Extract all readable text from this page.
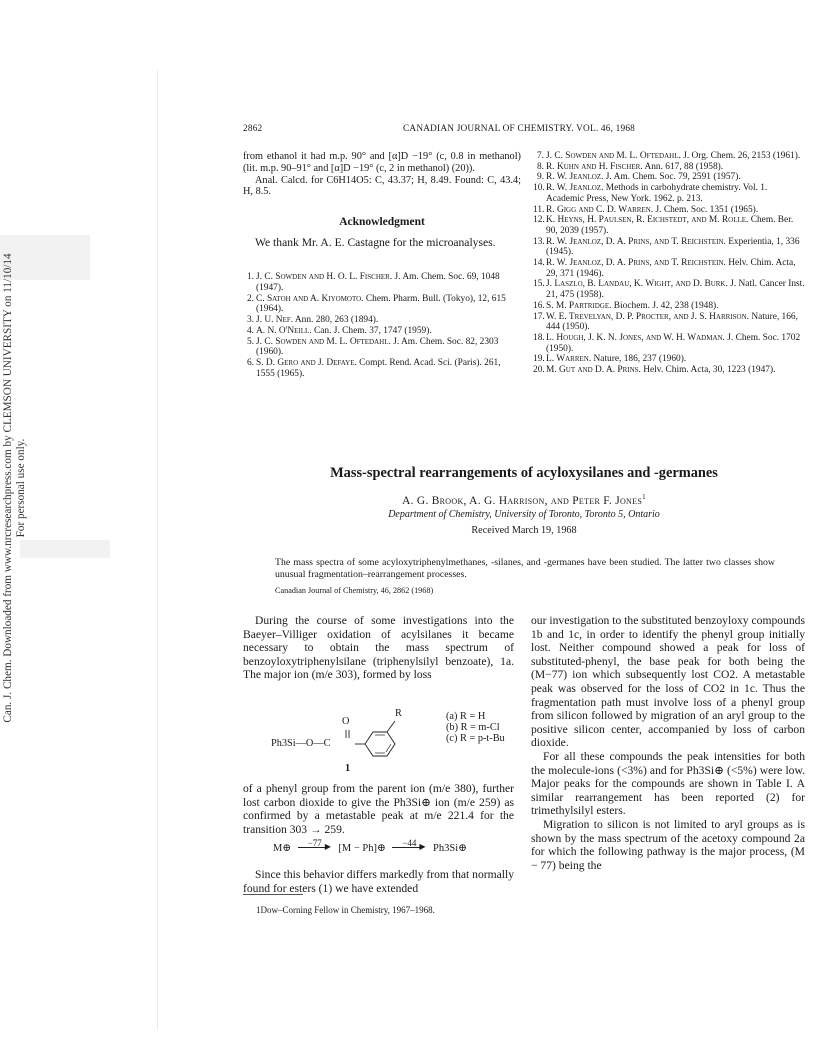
Can. J. Chem. Downloaded from www.nrcresearchpress.com by CLEMSON UNIVERSITY on 11/10/14 For personal use only.
2862	CANADIAN JOURNAL OF CHEMISTRY. VOL. 46, 1968

from ethanol it had m.p. 90° and [α]D −19° (c, 0.8 in methanol) (lit. m.p. 90–91° and [α]D −19° (c, 2 in methanol) (20)).

Anal. Calcd. for C6H14O5: C, 43.37; H, 8.49. Found: C, 43.4; H, 8.5.

Acknowledgment

We thank Mr. A. E. Castagne for the microanalyses.

1. J. C. Sowden and H. O. L. Fischer. J. Am. Chem. Soc. 69, 1048 (1947).

2. C. Satoh and A. Kiyomoto. Chem. Pharm. Bull. (Tokyo), 12, 615 (1964).

3. J. U. Nef. Ann. 280, 263 (1894).

4. A. N. O'Neill. Can. J. Chem. 37, 1747 (1959).

5. J. C. Sowden and M. L. Oftedahl. J. Am. Chem. Soc. 82, 2303 (1960).

6. S. D. Gero and J. Defaye. Compt. Rend. Acad. Sci. (Paris). 261, 1555 (1965).

7. J. C. Sowden and M. L. Oftedahl. J. Org. Chem. 26, 2153 (1961).

8. R. Kuhn and H. Fischer. Ann. 617, 88 (1958).

9. R. W. Jeanloz. J. Am. Chem. Soc. 79, 2591 (1957).

10. R. W. Jeanloz. Methods in carbohydrate chemistry. Vol. 1. Academic Press, New York. 1962. p. 213.

11. R. Gigg and C. D. Warren. J. Chem. Soc. 1351 (1965).

12. K. Heyns, H. Paulsen, R. Eichstedt, and M. Rolle. Chem. Ber. 90, 2039 (1957).

13. R. W. Jeanloz, D. A. Prins, and T. Reichstein. Experientia, 1, 336 (1945).

14. R. W. Jeanloz, D. A. Prins, and T. Reichstein. Helv. Chim. Acta, 29, 371 (1946).

15. J. Laszlo, B. Landau, K. Wight, and D. Burk. J. Natl. Cancer Inst. 21, 475 (1958).

16. S. M. Partridge. Biochem. J. 42, 238 (1948).

17. W. E. Trevelyan, D. P. Procter, and J. S. Harrison. Nature, 166, 444 (1950).

18. L. Hough, J. K. N. Jones, and W. H. Wadman. J. Chem. Soc. 1702 (1950).

19. L. Warren. Nature, 186, 237 (1960).

20. M. Gut and D. A. Prins. Helv. Chim. Acta, 30, 1223 (1947).

Mass-spectral rearrangements of acyloxysilanes and -germanes
A. G. Brook, A. G. Harrison, and Peter F. Jones$^1$
Department of Chemistry, University of Toronto, Toronto 5, Ontario
Received March 19, 1968
The mass spectra of some acyloxytriphenylmethanes, -silanes, and -germanes have been studied. The latter two classes show unusual fragmentation–rearrangement processes.
Canadian Journal of Chemistry, 46, 2862 (1968)

During the course of some investigations into the Baeyer–Villiger oxidation of acylsilanes it became necessary to obtain the mass spectrum of benzoyloxytriphenylsilane (triphenylsilyl benzoate), 1a. The major ion (m/e 303), formed by loss

O
R
Ph3Si—O—C
1
(a) R = H
(b) R = m-Cl
(c) R = p-t-Bu

of a phenyl group from the parent ion (m/e 380), further lost carbon dioxide to give the Ph3Si⊕ ion (m/e 259) as confirmed by a metastable peak at m/e 221.4 for the transition 303 → 259.

M⊕ −77 ▶ [M − Ph]⊕ −44 ▶ Ph3Si⊕

Since this behavior differs markedly from that normally found for esters (1) we have extended

1Dow–Corning Fellow in Chemistry, 1967–1968.

our investigation to the substituted benzoyloxy compounds 1b and 1c, in order to identify the phenyl group initially lost. Neither compound showed a peak for loss of substituted-phenyl, the base peak for both being the (M−77) ion which subsequently lost CO2. A metastable peak was observed for the loss of CO2 in 1c. Thus the fragmentation path must involve loss of a phenyl group from silicon followed by migration of an aryl group to the positive silicon center, accompanied by loss of carbon dioxide.

For all these compounds the peak intensities for both the molecule-ions (<3%) and for Ph3Si⊕ (<5%) were low. Major peaks for the compounds are shown in Table I. A similar rearrangement has been reported (2) for trimethylsilyl esters.

Migration to silicon is not limited to aryl groups as is shown by the mass spectrum of the acetoxy compound 2a for which the following pathway is the major process, (M − 77) being the
